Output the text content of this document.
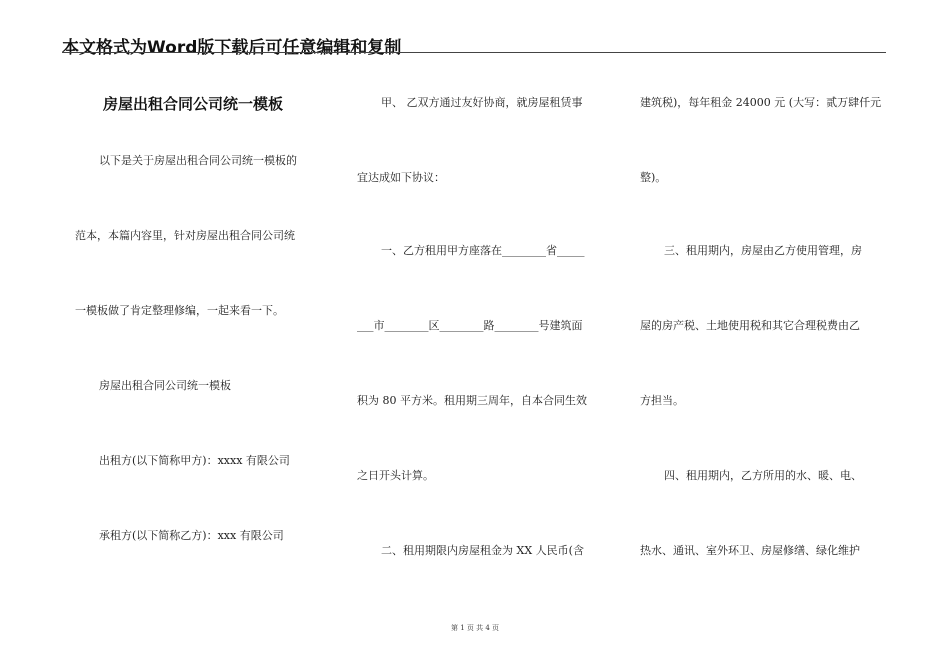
本文格式为Word版下载后可任意编辑和复制
房屋出租合同公司统一模板
以下是关于房屋出租合同公司统一模板的
范本，本篇内容里，针对房屋出租合同公司统
一模板做了肯定整理修编，一起来看一下。
房屋出租合同公司统一模板
出租方(以下简称甲方)：xxxx 有限公司
承租方(以下简称乙方)：xxx 有限公司
甲、 乙双方通过友好协商，就房屋租赁事
宜达成如下协议：
一、乙方租用甲方座落在________省_____
___市________区________路________号建筑面
积为 80 平方米。租用期三周年，自本合同生效
之日开头计算。
二、租用期限内房屋租金为 XX 人民币(含
建筑税)，每年租金 24000 元 (大写：贰万肆仟元
整)。
三、租用期内，房屋由乙方使用管理，房
屋的房产税、土地使用税和其它合理税费由乙
方担当。
四、租用期内，乙方所用的水、暖、电、
热水、通讯、室外环卫、房屋修缮、绿化维护
第 1 页 共 4 页
